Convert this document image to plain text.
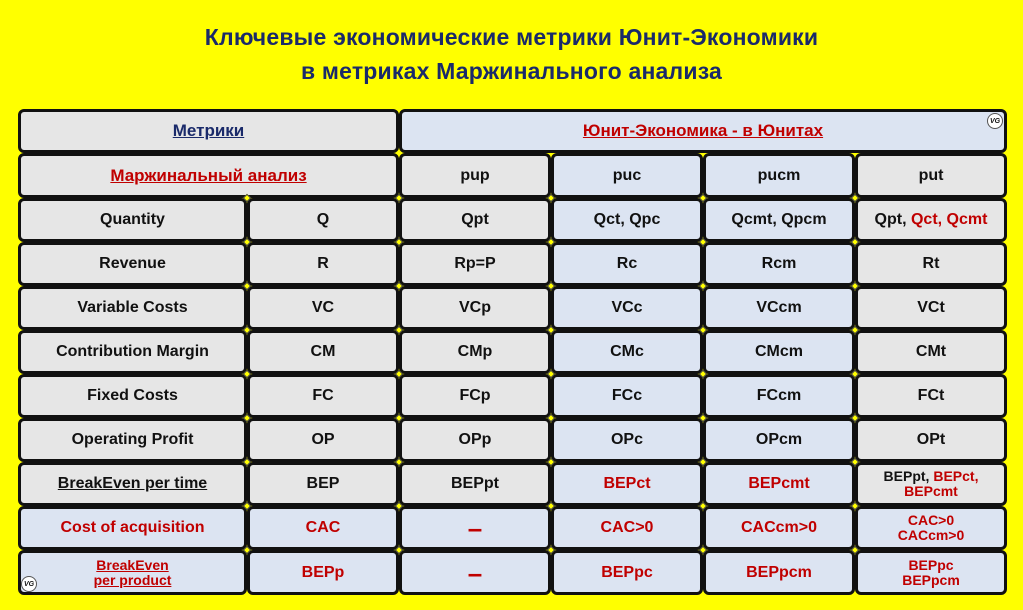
Ключевые экономические метрики Юнит-Экономики
в метриках Маржинального анализа
Метрики	Юнит-Экономика - в Юнитах	VG
Маржинальный анализ	pup	puc	pucm	put
Quantity	Q	Qpt	Qct, Qpc	Qcmt, Qpcm	Qpt,
Qct, Qcmt
Revenue	R	Rp=P	Rc	Rcm	Rt
Variable Costs	VC	VCp	VCc	VCcm	VCt
Contribution Margin	CM	CMp	CMc	CMcm	CMt
Fixed Costs	FC	FCp	FCc	FCcm	FCt
Operating Profit	OP	OPp	OPc	OPcm	OPt
BreakEven per time	BEP	BEPpt	BEPct	BEPcmt	BEPpt, BEPct,
BEPcmt
Cost of acquisition	CAC	–	CAC>0	CACcm>0	CAC>0
CACcm>0
BreakEven
per product	BEPp	–	BEPpc	BEPpcm	BEPpc
BEPpcm
VG
